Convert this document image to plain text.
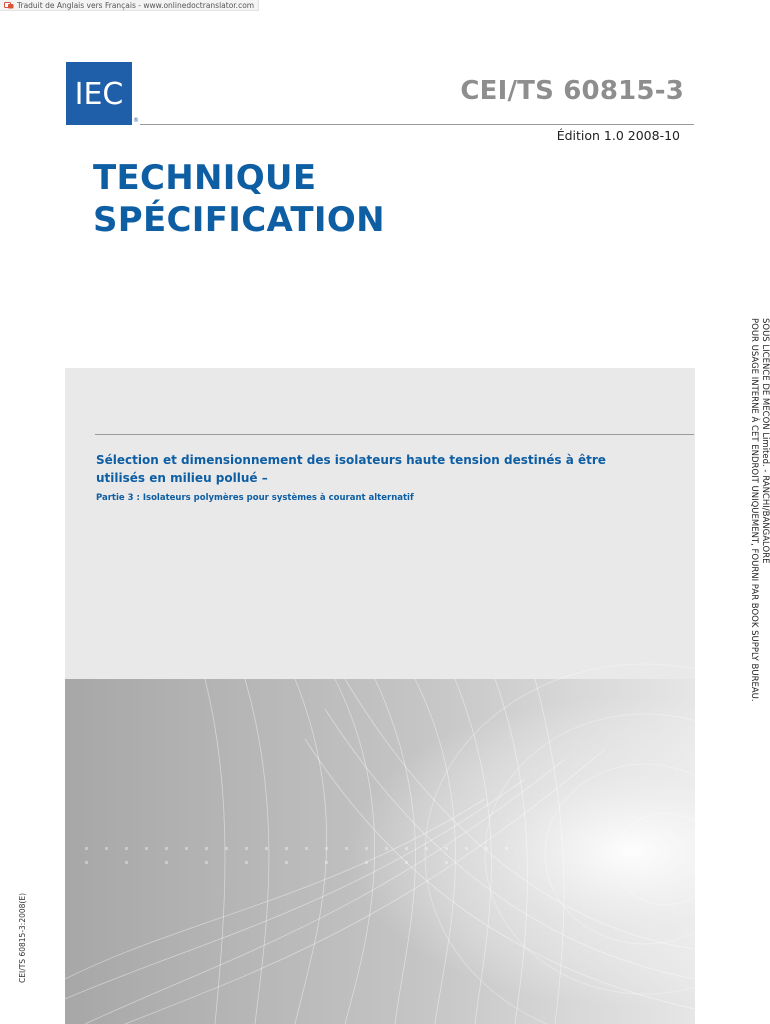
Traduit de Anglais vers Français - www.onlinedoctranslator.com
IEC
®
CEI/TS 60815-3
Édition 1.0 2008-10
TECHNIQUE
SPÉCIFICATION
Sélection et dimensionnement des isolateurs haute tension destinés à être utilisés en milieu pollué –
Partie 3 : Isolateurs polymères pour systèmes à courant alternatif	SOUS LICENCE DE MECON Limited. - RANCHI/BANGALORE
POUR USAGE INTERNE À CET ENDROIT UNIQUEMENT, FOURNI PAR BOOK SUPPLY BUREAU.
CEI/TS 60815-3:2008(E)
